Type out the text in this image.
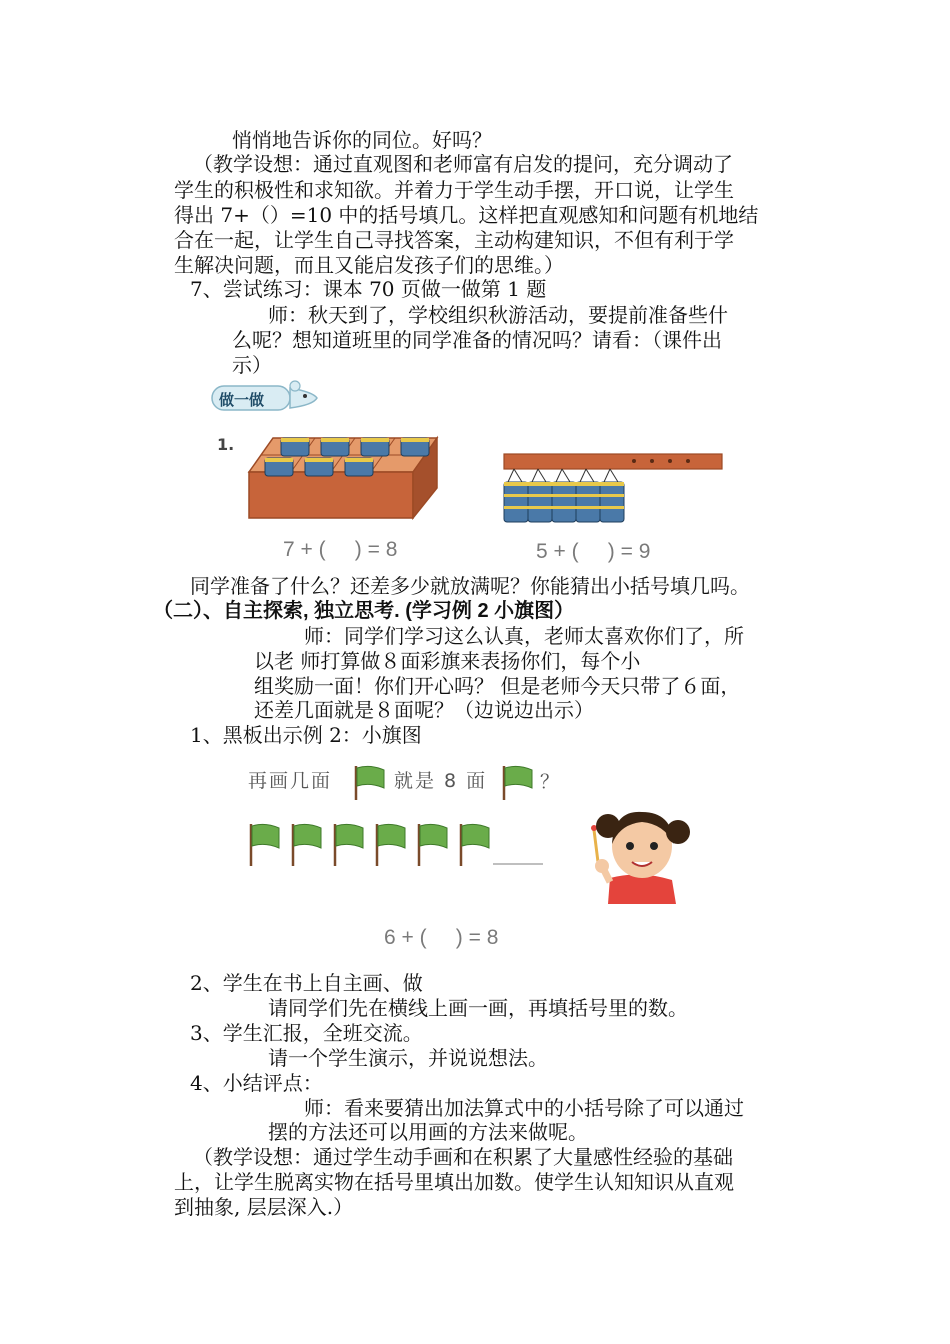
悄悄地告诉你的同位。好吗？
（教学设想：通过直观图和老师富有启发的提问，充分调动了
学生的积极性和求知欲。并着力于学生动手摆，开口说，让学生
得出 7+（）=10 中的括号填几。这样把直观感知和问题有机地结
合在一起，让学生自己寻找答案，主动构建知识，不但有利于学
生解决问题，而且又能启发孩子们的思维。）
7、尝试练习：课本 70 页做一做第 1 题
师：秋天到了，学校组织秋游活动，要提前准备些什
么呢？想知道班里的同学准备的情况吗？请看：（课件出
示）
做一做
1.
7 + (     ) = 8	5 + (     ) = 9
同学准备了什么？还差多少就放满呢？你能猜出小括号填几吗。
（二）、自主探索, 独立思考. (学习例 2 小旗图）
师：同学们学习这么认真，老师太喜欢你们了，所
以老 师打算做８面彩旗来表扬你们，每个小
组奖励一面！你们开心吗？ 但是老师今天只带了６面，
还差几面就是８面呢？（边说边出示）
1、黑板出示例 2：小旗图
再画几面	就是 8 面	？
6 + (     ) = 8
2、学生在书上自主画、做
请同学们先在横线上画一画，再填括号里的数。
3、学生汇报，全班交流。
请一个学生演示，并说说想法。
4、小结评点：
师：看来要猜出加法算式中的小括号除了可以通过
摆的方法还可以用画的方法来做呢。
（教学设想：通过学生动手画和在积累了大量感性经验的基础
上，让学生脱离实物在括号里填出加数。使学生认知知识从直观
到抽象, 层层深入.）
